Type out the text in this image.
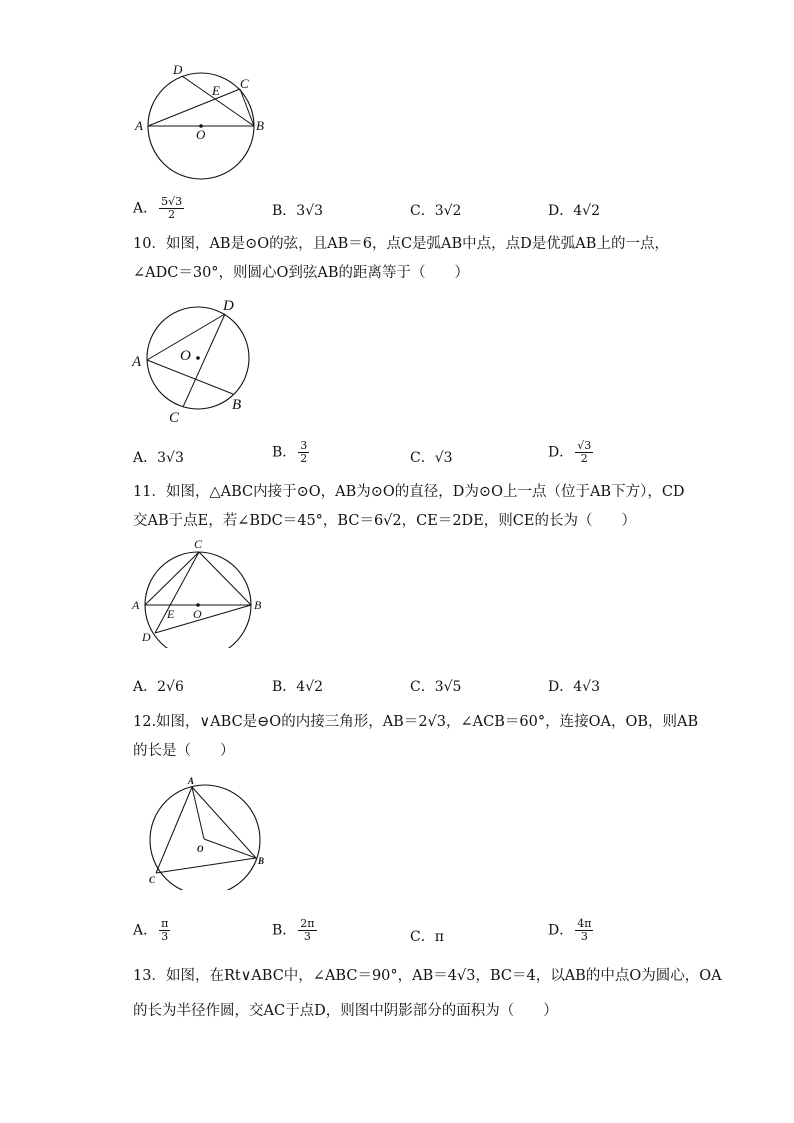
A	B
C
D
E
O
A． $\frac{5√3}{2}$	B．3√3	C．3√2	D．4√2
10．如图，AB是⊙O的弦，且AB＝6，点C是弧AB中点，点D是优弧AB上的一点，
∠ADC＝30°，则圆心O到弦AB的距离等于（　　）
A
B
C
D
O
A．3√3	B． $\frac{3}{2}$	C．√3	D． $\frac{√3}{2}$
11．如图，△ABC内接于⊙O，AB为⊙O的直径，D为⊙O上一点（位于AB下方），CD
交AB于点E，若∠BDC＝45°，BC＝6√2，CE＝2DE，则CE的长为（　　）
A	B
C
D
E O
A．2√6	B．4√2	C．3√5	D．4√3
12.如图，∨ABC是⊖O的内接三角形，AB＝2√3，∠ACB＝60°，连接OA，OB，则AB
的长是（　　）
A
B
C
O
A． $\frac{\pi}{3}$	B． $\frac{2\pi}{3}$	C．π	D． $\frac{4\pi}{3}$
13．如图，在Rt∨ABC中，∠ABC＝90°，AB＝4√3，BC＝4，以AB的中点O为圆心，OA
的长为半径作圆，交AC于点D，则图中阴影部分的面积为（　　）
